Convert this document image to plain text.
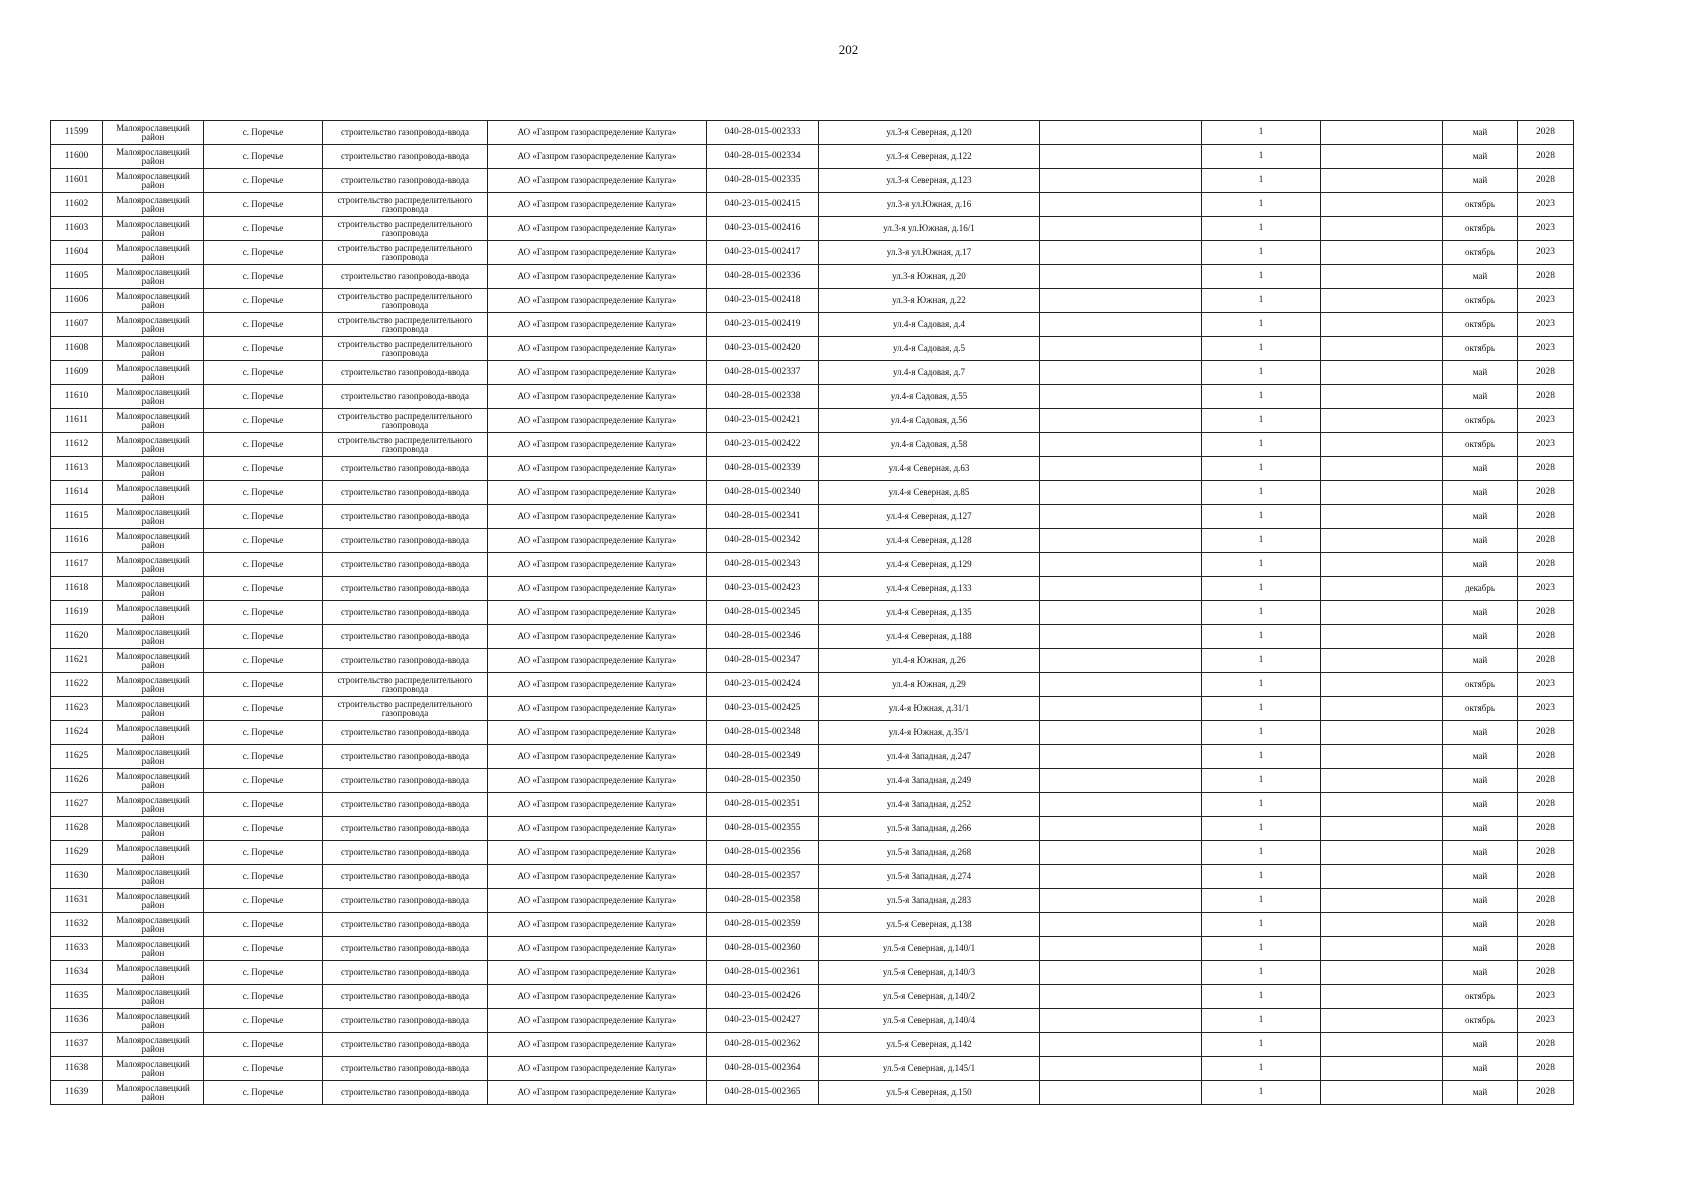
202
11599	Малоярославецкий район	с. Поречье	строительство газопровода-ввода	АО «Газпром газораспределение Калуга»	040-28-015-002333	ул.3-я Северная, д.120		1		май	2028
11600	Малоярославецкий район	с. Поречье	строительство газопровода-ввода	АО «Газпром газораспределение Калуга»	040-28-015-002334	ул.3-я Северная, д.122		1		май	2028
11601	Малоярославецкий район	с. Поречье	строительство газопровода-ввода	АО «Газпром газораспределение Калуга»	040-28-015-002335	ул.3-я Северная, д.123		1		май	2028
11602	Малоярославецкий район	с. Поречье	строительство распределительного газопровода	АО «Газпром газораспределение Калуга»	040-23-015-002415	ул.3-я ул.Южная, д.16		1		октябрь	2023
11603	Малоярославецкий район	с. Поречье	строительство распределительного газопровода	АО «Газпром газораспределение Калуга»	040-23-015-002416	ул.3-я ул.Южная, д.16/1		1		октябрь	2023
11604	Малоярославецкий район	с. Поречье	строительство распределительного газопровода	АО «Газпром газораспределение Калуга»	040-23-015-002417	ул.3-я ул.Южная, д.17		1		октябрь	2023
11605	Малоярославецкий район	с. Поречье	строительство газопровода-ввода	АО «Газпром газораспределение Калуга»	040-28-015-002336	ул.3-я Южная, д.20		1		май	2028
11606	Малоярославецкий район	с. Поречье	строительство распределительного газопровода	АО «Газпром газораспределение Калуга»	040-23-015-002418	ул.3-я Южная, д.22		1		октябрь	2023
11607	Малоярославецкий район	с. Поречье	строительство распределительного газопровода	АО «Газпром газораспределение Калуга»	040-23-015-002419	ул.4-я Садовая, д.4		1		октябрь	2023
11608	Малоярославецкий район	с. Поречье	строительство распределительного газопровода	АО «Газпром газораспределение Калуга»	040-23-015-002420	ул.4-я Садовая, д.5		1		октябрь	2023
11609	Малоярославецкий район	с. Поречье	строительство газопровода-ввода	АО «Газпром газораспределение Калуга»	040-28-015-002337	ул.4-я Садовая, д.7		1		май	2028
11610	Малоярославецкий район	с. Поречье	строительство газопровода-ввода	АО «Газпром газораспределение Калуга»	040-28-015-002338	ул.4-я Садовая, д.55		1		май	2028
11611	Малоярославецкий район	с. Поречье	строительство распределительного газопровода	АО «Газпром газораспределение Калуга»	040-23-015-002421	ул.4-я Садовая, д.56		1		октябрь	2023
11612	Малоярославецкий район	с. Поречье	строительство распределительного газопровода	АО «Газпром газораспределение Калуга»	040-23-015-002422	ул.4-я Садовая, д.58		1		октябрь	2023
11613	Малоярославецкий район	с. Поречье	строительство газопровода-ввода	АО «Газпром газораспределение Калуга»	040-28-015-002339	ул.4-я Северная, д.63		1		май	2028
11614	Малоярославецкий район	с. Поречье	строительство газопровода-ввода	АО «Газпром газораспределение Калуга»	040-28-015-002340	ул.4-я Северная, д.85		1		май	2028
11615	Малоярославецкий район	с. Поречье	строительство газопровода-ввода	АО «Газпром газораспределение Калуга»	040-28-015-002341	ул.4-я Северная, д.127		1		май	2028
11616	Малоярославецкий район	с. Поречье	строительство газопровода-ввода	АО «Газпром газораспределение Калуга»	040-28-015-002342	ул.4-я Северная, д.128		1		май	2028
11617	Малоярославецкий район	с. Поречье	строительство газопровода-ввода	АО «Газпром газораспределение Калуга»	040-28-015-002343	ул.4-я Северная, д.129		1		май	2028
11618	Малоярославецкий район	с. Поречье	строительство газопровода-ввода	АО «Газпром газораспределение Калуга»	040-23-015-002423	ул.4-я Северная, д.133		1		декабрь	2023
11619	Малоярославецкий район	с. Поречье	строительство газопровода-ввода	АО «Газпром газораспределение Калуга»	040-28-015-002345	ул.4-я Северная, д.135		1		май	2028
11620	Малоярославецкий район	с. Поречье	строительство газопровода-ввода	АО «Газпром газораспределение Калуга»	040-28-015-002346	ул.4-я Северная, д.188		1		май	2028
11621	Малоярославецкий район	с. Поречье	строительство газопровода-ввода	АО «Газпром газораспределение Калуга»	040-28-015-002347	ул.4-я Южная, д.26		1		май	2028
11622	Малоярославецкий район	с. Поречье	строительство распределительного газопровода	АО «Газпром газораспределение Калуга»	040-23-015-002424	ул.4-я Южная, д.29		1		октябрь	2023
11623	Малоярославецкий район	с. Поречье	строительство распределительного газопровода	АО «Газпром газораспределение Калуга»	040-23-015-002425	ул.4-я Южная, д.31/1		1		октябрь	2023
11624	Малоярославецкий район	с. Поречье	строительство газопровода-ввода	АО «Газпром газораспределение Калуга»	040-28-015-002348	ул.4-я Южная, д.35/1		1		май	2028
11625	Малоярославецкий район	с. Поречье	строительство газопровода-ввода	АО «Газпром газораспределение Калуга»	040-28-015-002349	ул.4-я Западная, д.247		1		май	2028
11626	Малоярославецкий район	с. Поречье	строительство газопровода-ввода	АО «Газпром газораспределение Калуга»	040-28-015-002350	ул.4-я Западная, д.249		1		май	2028
11627	Малоярославецкий район	с. Поречье	строительство газопровода-ввода	АО «Газпром газораспределение Калуга»	040-28-015-002351	ул.4-я Западная, д.252		1		май	2028
11628	Малоярославецкий район	с. Поречье	строительство газопровода-ввода	АО «Газпром газораспределение Калуга»	040-28-015-002355	ул.5-я Западная, д.266		1		май	2028
11629	Малоярославецкий район	с. Поречье	строительство газопровода-ввода	АО «Газпром газораспределение Калуга»	040-28-015-002356	ул.5-я Западная, д.268		1		май	2028
11630	Малоярославецкий район	с. Поречье	строительство газопровода-ввода	АО «Газпром газораспределение Калуга»	040-28-015-002357	ул.5-я Западная, д.274		1		май	2028
11631	Малоярославецкий район	с. Поречье	строительство газопровода-ввода	АО «Газпром газораспределение Калуга»	040-28-015-002358	ул.5-я Западная, д.283		1		май	2028
11632	Малоярославецкий район	с. Поречье	строительство газопровода-ввода	АО «Газпром газораспределение Калуга»	040-28-015-002359	ул.5-я Северная, д.138		1		май	2028
11633	Малоярославецкий район	с. Поречье	строительство газопровода-ввода	АО «Газпром газораспределение Калуга»	040-28-015-002360	ул.5-я Северная, д.140/1		1		май	2028
11634	Малоярославецкий район	с. Поречье	строительство газопровода-ввода	АО «Газпром газораспределение Калуга»	040-28-015-002361	ул.5-я Северная, д.140/3		1		май	2028
11635	Малоярославецкий район	с. Поречье	строительство газопровода-ввода	АО «Газпром газораспределение Калуга»	040-23-015-002426	ул.5-я Северная, д.140/2		1		октябрь	2023
11636	Малоярославецкий район	с. Поречье	строительство газопровода-ввода	АО «Газпром газораспределение Калуга»	040-23-015-002427	ул.5-я Северная, д.140/4		1		октябрь	2023
11637	Малоярославецкий район	с. Поречье	строительство газопровода-ввода	АО «Газпром газораспределение Калуга»	040-28-015-002362	ул.5-я Северная, д.142		1		май	2028
11638	Малоярославецкий район	с. Поречье	строительство газопровода-ввода	АО «Газпром газораспределение Калуга»	040-28-015-002364	ул.5-я Северная, д.145/1		1		май	2028
11639	Малоярославецкий район	с. Поречье	строительство газопровода-ввода	АО «Газпром газораспределение Калуга»	040-28-015-002365	ул.5-я Северная, д.150		1		май	2028
